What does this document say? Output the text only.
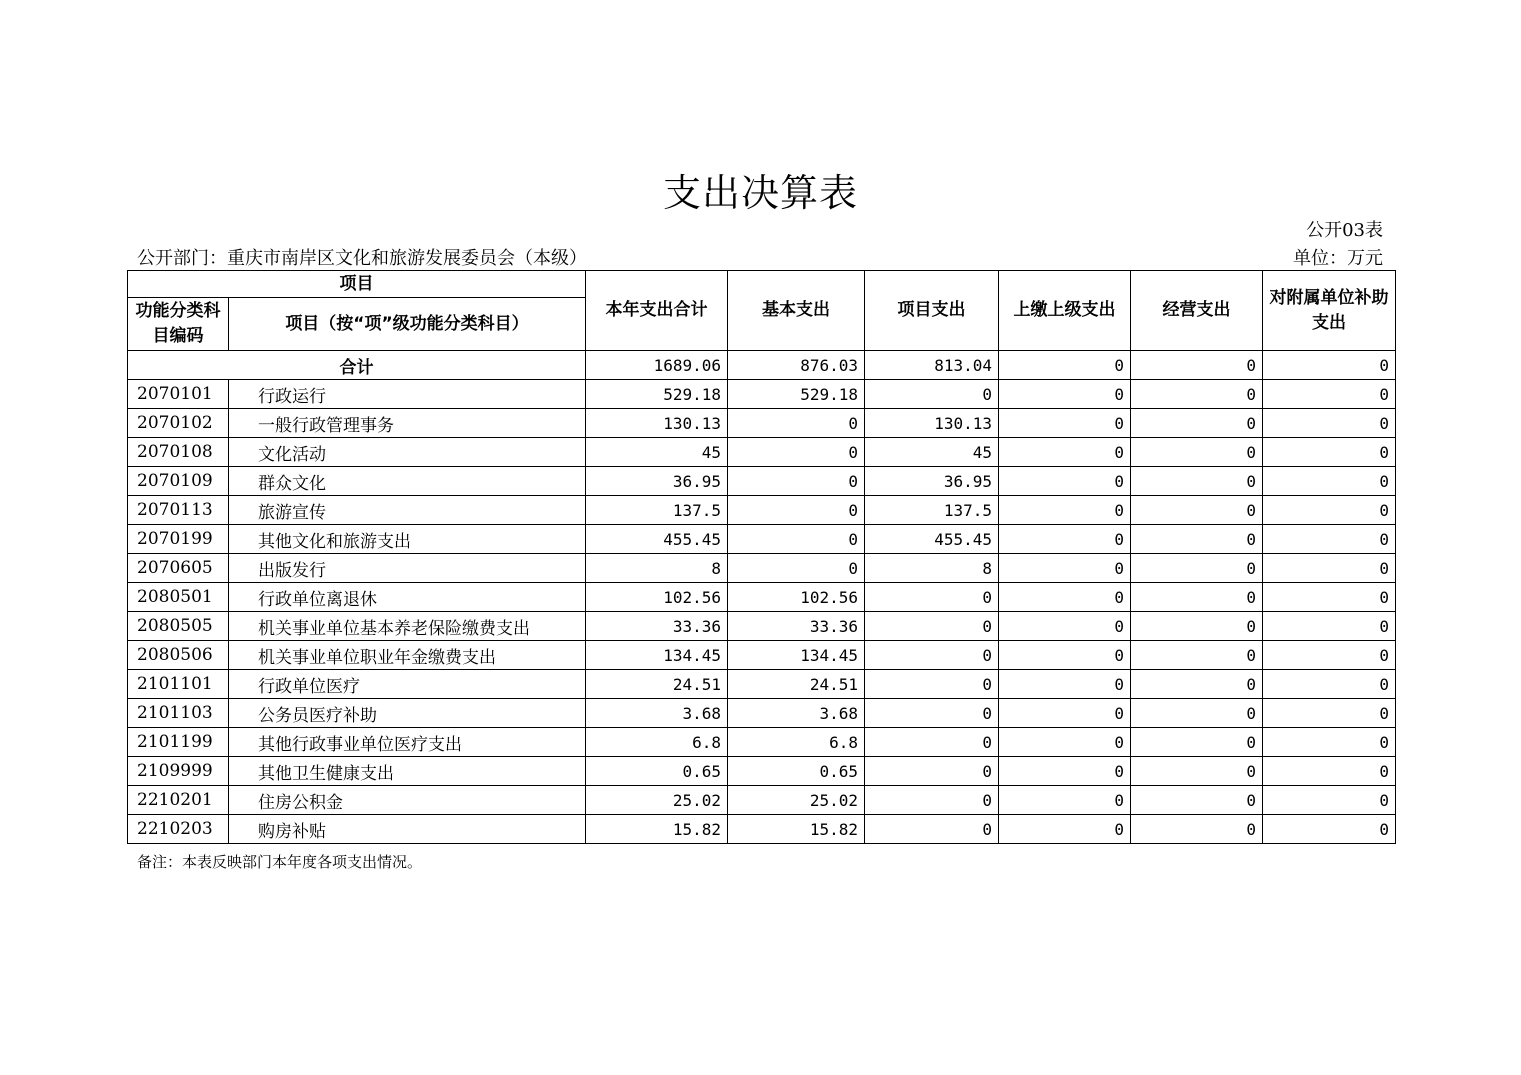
支出决算表
公开03表
公开部门：重庆市南岸区文化和旅游发展委员会（本级）	单位：万元
项目		本年支出合计	基本支出	项目支出	上缴上级支出	经营支出	对附属单位补助支出
功能分类科目编码	项目（按“项”级功能分类科目）						
合计		1689.06	876.03	813.04	0	0	0
2070101	行政运行	529.18	529.18	0	0	0	0
2070102	一般行政管理事务	130.13	0	130.13	0	0	0
2070108	文化活动	45	0	45	0	0	0
2070109	群众文化	36.95	0	36.95	0	0	0
2070113	旅游宣传	137.5	0	137.5	0	0	0
2070199	其他文化和旅游支出	455.45	0	455.45	0	0	0
2070605	出版发行	8	0	8	0	0	0
2080501	行政单位离退休	102.56	102.56	0	0	0	0
2080505	机关事业单位基本养老保险缴费支出	33.36	33.36	0	0	0	0
2080506	机关事业单位职业年金缴费支出	134.45	134.45	0	0	0	0
2101101	行政单位医疗	24.51	24.51	0	0	0	0
2101103	公务员医疗补助	3.68	3.68	0	0	0	0
2101199	其他行政事业单位医疗支出	6.8	6.8	0	0	0	0
2109999	其他卫生健康支出	0.65	0.65	0	0	0	0
2210201	住房公积金	25.02	25.02	0	0	0	0
2210203	购房补贴	15.82	15.82	0	0	0	0
备注：本表反映部门本年度各项支出情况。
